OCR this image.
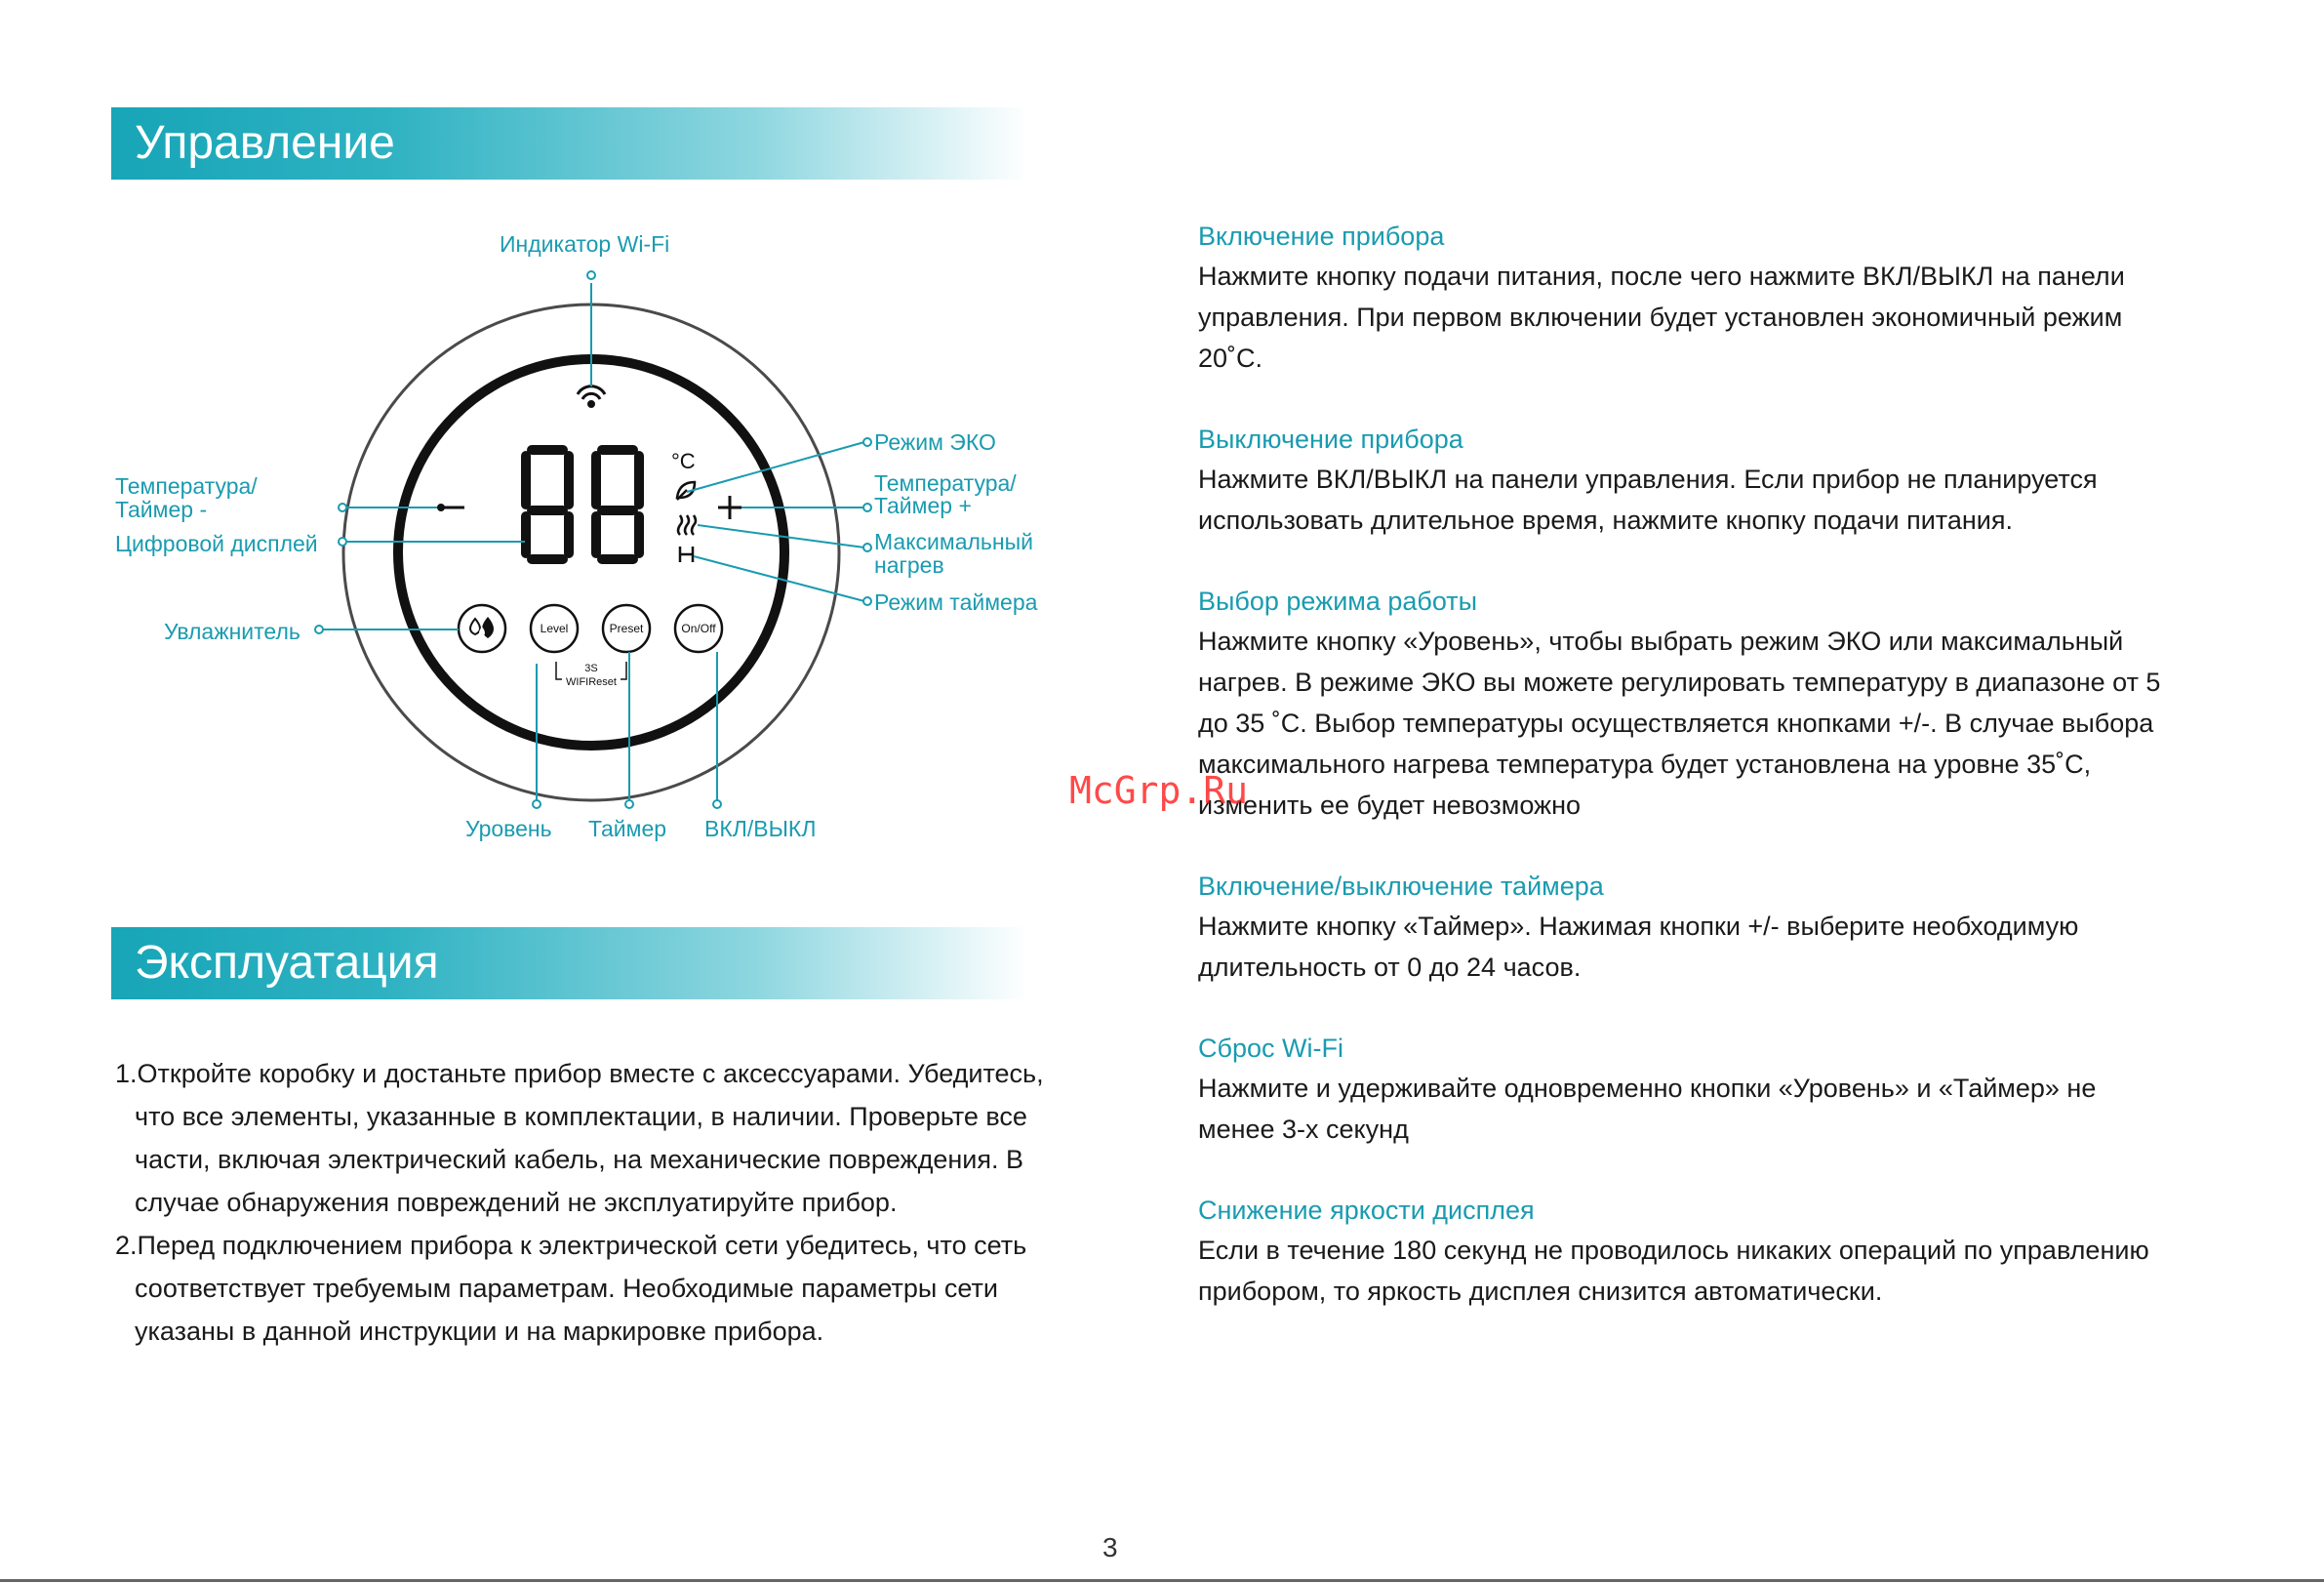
Управление
°C
Level	Preset	On/Off
3S
WIFIReset
Индикатор Wi-Fi
Температура/
Таймер -
Цифровой дисплей
Увлажнитель
Режим ЭКО
Температура/
Таймер +
Максимальный
нагрев
Режим таймера
Уровень Таймер ВКЛ/ВЫКЛ
Эксплуатация

1.Откройте коробку и достаньте прибор вместе с аксессуарами. Убедитесь, что все элементы, указанные в комплектации, в наличии. Проверьте все части, включая электрический кабель, на механические повреждения. В случае обнаружения повреждений не эксплуатируйте прибор.

2.Перед подключением прибора к электрической сети убедитесь, что сеть соответствует требуемым параметрам. Необходимые параметры сети указаны в данной инструкции и на маркировке прибора.

Включение прибора

Нажмите кнопку подачи питания, после чего нажмите ВКЛ/ВЫКЛ на панели управления. При первом включении будет установлен экономичный режим 20˚С.

Выключение прибора

Нажмите ВКЛ/ВЫКЛ на панели управления. Если прибор не планируется использовать длительное время, нажмите кнопку подачи питания.

Выбор режима работы

Нажмите кнопку «Уровень», чтобы выбрать режим ЭКО или максимальный нагрев. В режиме ЭКО вы можете регулировать температуру в диапазоне от 5 до 35 ˚С. Выбор температуры осуществляется кнопками +/-. В случае выбора максимального нагрева температура будет установлена на уровне 35˚С, изменить ее будет невозможно

Включение/выключение таймера

Нажмите кнопку «Таймер». Нажимая кнопки +/- выберите необходимую длительность от 0 до 24 часов.

Сброс Wi-Fi

Нажмите и удерживайте одновременно кнопки «Уровень» и «Таймер» не менее 3-х секунд

Снижение яркости дисплея

Если в течение 180 секунд не проводилось никаких операций по управлению прибором, то яркость дисплея снизится автоматически.

McGrp.Ru
3
